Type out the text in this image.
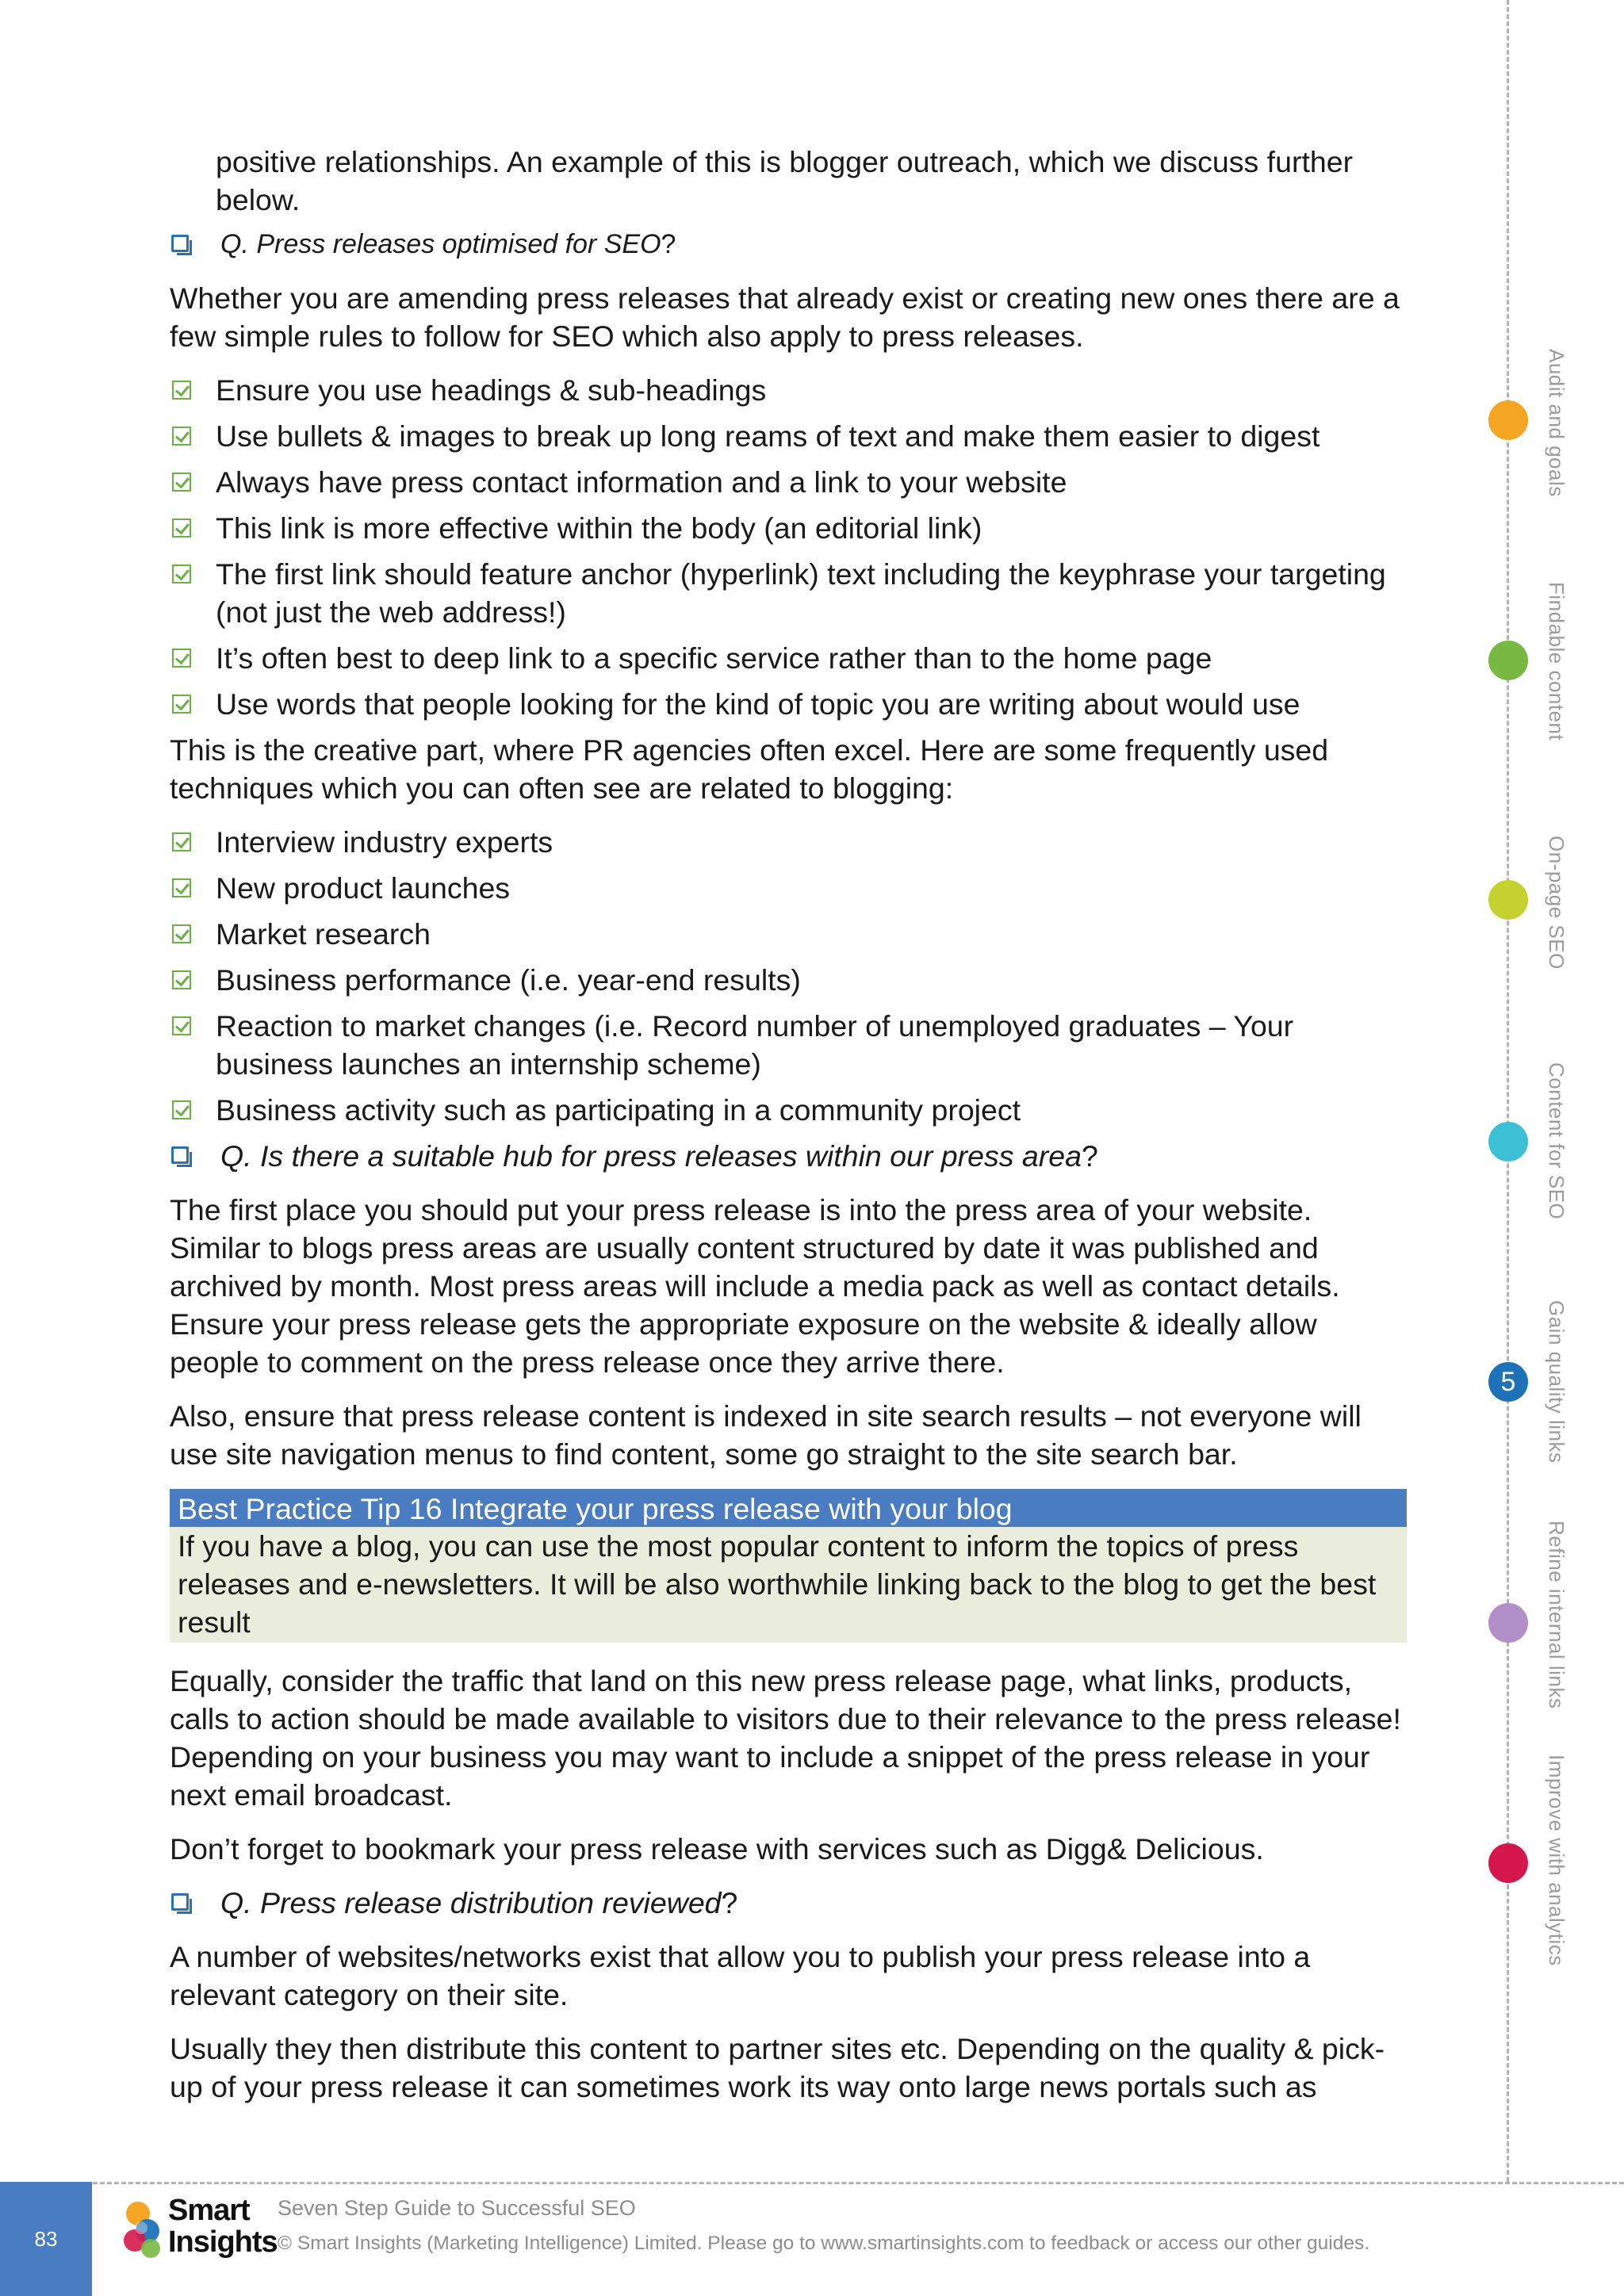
positive relationships. An example of this is blogger outreach, which we discuss further
below.
Q. Press releases optimised for SEO?

Whether you are amending press releases that already exist or creating new ones there are a few simple rules to follow for SEO which also apply to press releases.

Ensure you use headings & sub-headings
Use bullets & images to break up long reams of text and make them easier to digest
Always have press contact information and a link to your website
This link is more effective within the body (an editorial link)
The first link should feature anchor (hyperlink) text including the keyphrase your targeting (not just the web address!)
It’s often best to deep link to a specific service rather than to the home page
Use words that people looking for the kind of topic you are writing about would use

This is the creative part, where PR agencies often excel. Here are some frequently used techniques which you can often see are related to blogging:

Interview industry experts
New product launches
Market research
Business performance (i.e. year-end results)
Reaction to market changes (i.e. Record number of unemployed graduates – Your business launches an internship scheme)
Business activity such as participating in a community project
Q. Is there a suitable hub for press releases within our press area?

The first place you should put your press release is into the press area of your website. Similar to blogs press areas are usually content structured by date it was published and archived by month. Most press areas will include a media pack as well as contact details. Ensure your press release gets the appropriate exposure on the website & ideally allow people to comment on the press release once they arrive there.

Also, ensure that press release content is indexed in site search results – not everyone will use site navigation menus to find content, some go straight to the site search bar.

Best Practice Tip 16 Integrate your press release with your blog
If you have a blog, you can use the most popular content to inform the topics of press releases and e-newsletters. It will be also worthwhile linking back to the blog to get the best result

Equally, consider the traffic that land on this new press release page, what links, products, calls to action should be made available to visitors due to their relevance to the press release! Depending on your business you may want to include a snippet of the press release in your next email broadcast.

Don’t forget to bookmark your press release with services such as Digg& Delicious.

Q. Press release distribution reviewed?

A number of websites/networks exist that allow you to publish your press release into a relevant category on their site.

Usually they then distribute this content to partner sites etc. Depending on the quality & pick-up of your press release it can sometimes work its way onto large news portals such as

Audit and goals
Findable content
On-page SEO
Content for SEO
5	Gain quality links
Refine internal links
Improve with analytics
83
Smart
Insights
Seven Step Guide to Successful SEO
© Smart Insights (Marketing Intelligence) Limited. Please go to www.smartinsights.com to feedback or access our other guides.
